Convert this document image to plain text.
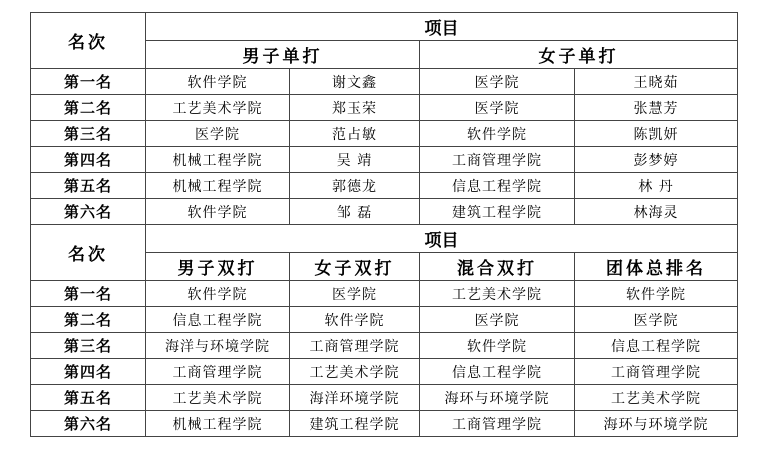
名次	项目			
	男子单打		女子单打	
第一名	软件学院	谢文鑫	医学院	王晓茹
第二名	工艺美术学院	郑玉荣	医学院	张慧芳
第三名	医学院	范占敏	软件学院	陈凯妍
第四名	机械工程学院	吴 靖	工商管理学院	彭梦婷
第五名	机械工程学院	郭德龙	信息工程学院	林 丹
第六名	软件学院	邹 磊	建筑工程学院	林海灵
名次	项目			
	男子双打	女子双打	混合双打	团体总排名
第一名	软件学院	医学院	工艺美术学院	软件学院
第二名	信息工程学院	软件学院	医学院	医学院
第三名	海洋与环境学院	工商管理学院	软件学院	信息工程学院
第四名	工商管理学院	工艺美术学院	信息工程学院	工商管理学院
第五名	工艺美术学院	海洋环境学院	海环与环境学院	工艺美术学院
第六名	机械工程学院	建筑工程学院	工商管理学院	海环与环境学院
